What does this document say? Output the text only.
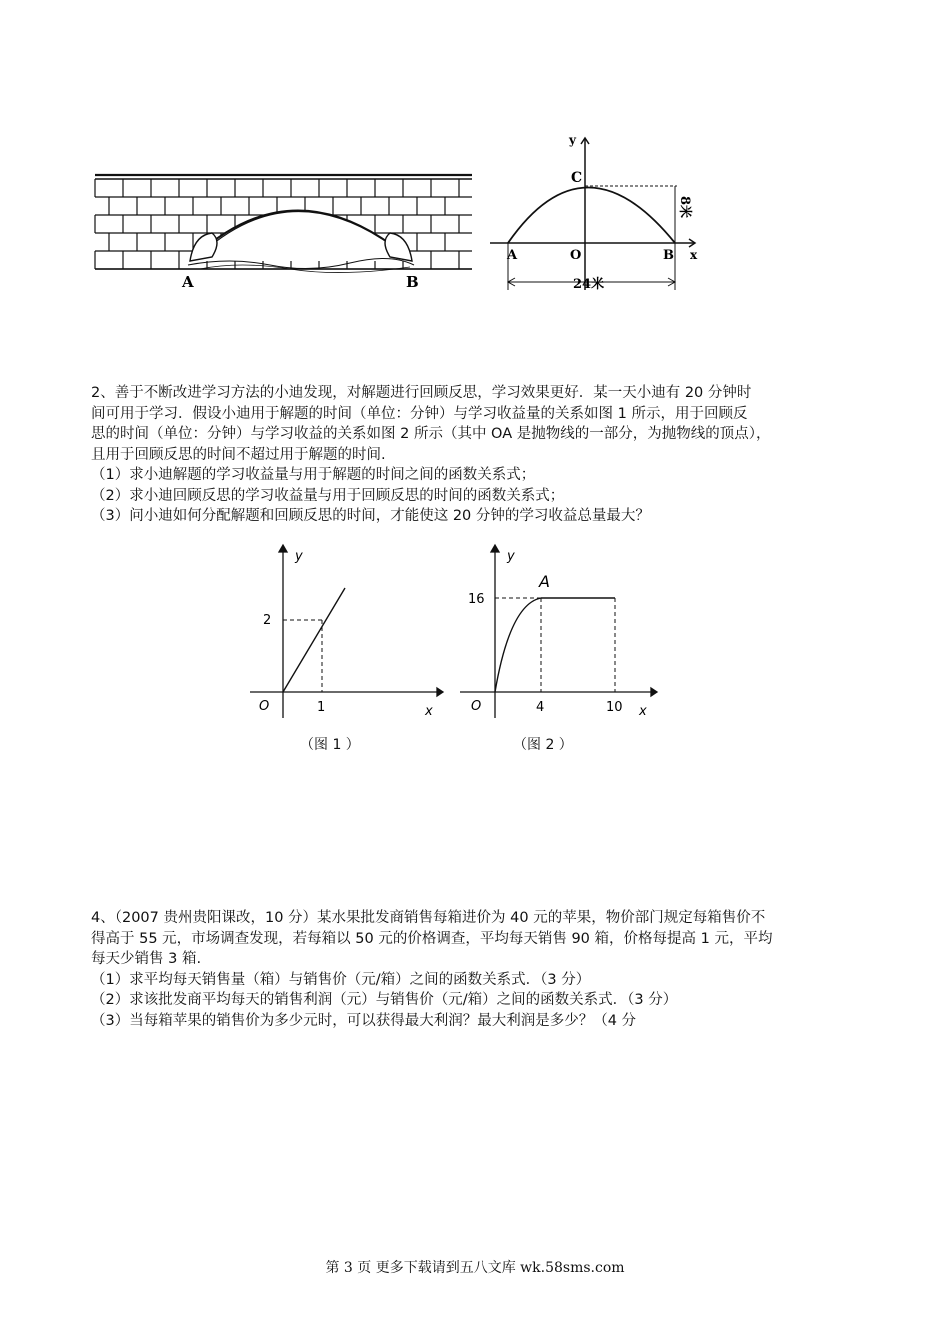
A	B
y
x
C
O
A	B
8米
24米
2、善于不断改进学习方法的小迪发现，对解题进行回顾反思，学习效果更好．某一天小迪有 20 分钟时
间可用于学习．假设小迪用于解题的时间（单位：分钟）与学习收益量的关系如图 1 所示，用于回顾反
思的时间（单位：分钟）与学习收益的关系如图 2 所示（其中 OA 是抛物线的一部分，为抛物线的顶点），
且用于回顾反思的时间不超过用于解题的时间.
（1）求小迪解题的学习收益量与用于解题的时间之间的函数关系式；
（2）求小迪回顾反思的学习收益量与用于回顾反思的时间的函数关系式；
（3）问小迪如何分配解题和回顾反思的时间，才能使这 20 分钟的学习收益总量最大？
y
x
O
2
1
（图 1 ）
y
x
O
A
16
4	10
（图 2 ）
4、（2007 贵州贵阳课改，10 分）某水果批发商销售每箱进价为 40 元的苹果，物价部门规定每箱售价不
得高于 55 元，市场调查发现，若每箱以 50 元的价格调查，平均每天销售 90 箱，价格每提高 1 元，平均
每天少销售 3 箱.
（1）求平均每天销售量（箱）与销售价（元/箱）之间的函数关系式．（3 分）
（2）求该批发商平均每天的销售利润（元）与销售价（元/箱）之间的函数关系式．（3 分）
（3）当每箱苹果的销售价为多少元时，可以获得最大利润？最大利润是多少？（4 分
第 3 页 更多下载请到五八文库 wk.58sms.com
